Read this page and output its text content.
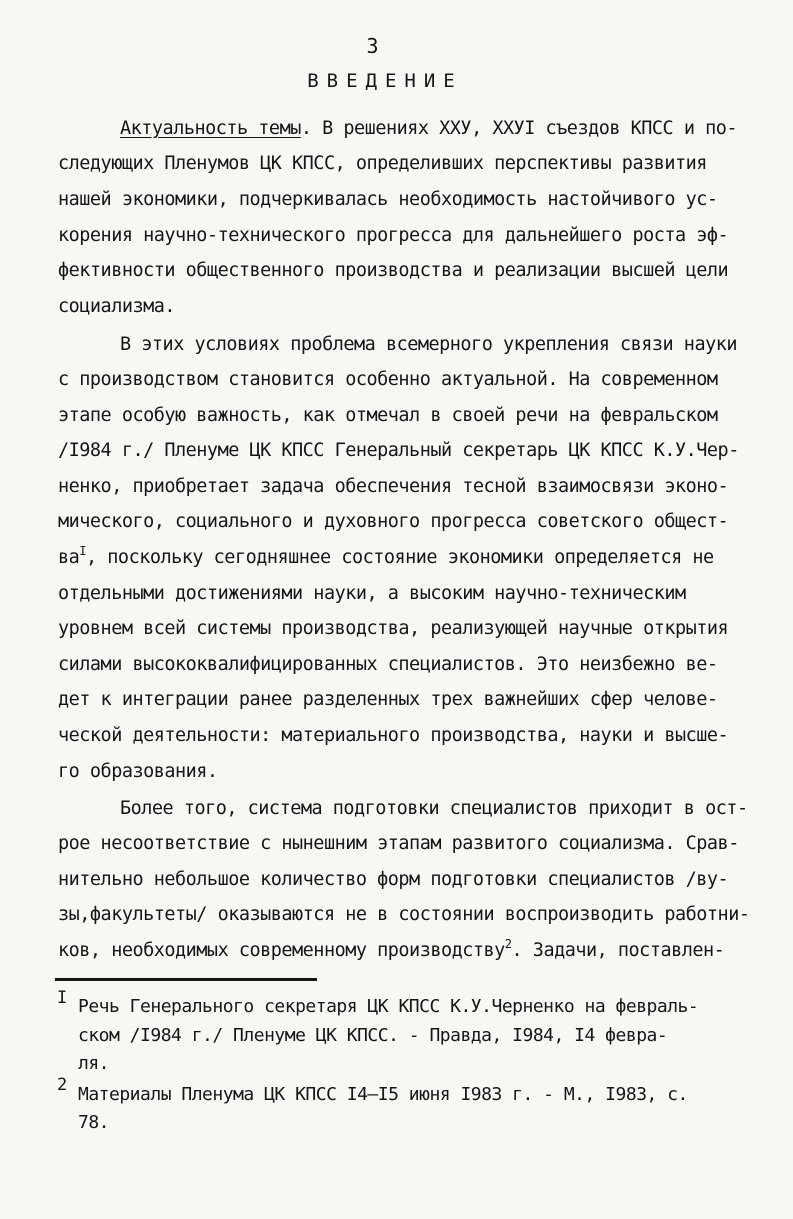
3
ВВЕДЕНИЕ
Актуальность темы. В решениях XXУ, XXУI съездов КПСС и по-
следующих Пленумов ЦК КПСС, определивших перспективы развития
нашей экономики, подчеркивалась необходимость настойчивого ус-
корения научно-технического прогресса для дальнейшего роста эф-
фективности общественного производства и реализации высшей цели
социализма.
В этих условиях проблема всемерного укрепления связи науки
с производством становится особенно актуальной. На современном
этапе особую важность, как отмечал в своей речи на февральском
/I984 г./ Пленуме ЦК КПСС Генеральный секретарь ЦК КПСС К.У.Чер-
ненко, приобретает задача обеспечения тесной взаимосвязи эконо-
мического, социального и духовного прогресса советского общест-
$ва^I$, поскольку сегодняшнее состояние экономики определяется не
отдельными достижениями науки, а высоким научно-техническим
уровнем всей системы производства, реализующей научные открытия
силами высококвалифицированных специалистов. Это неизбежно ве-
дет к интеграции ранее разделенных трех важнейших сфер челове-
ческой деятельности: материального производства, науки и высше-
го образования.
Более того, система подготовки специалистов приходит в ост-
рое несоответствие с нынешним этапам развитого социализма. Срав-
нительно небольшое количество форм подготовки специалистов /ву-
зы,факультеты/ оказываются не в состоянии воспроизводить работни-
ков, необходимых современному производству$^2$. Задачи, поставлен-
I Речь Генерального секретаря ЦК КПСС К.У.Черненко на февраль-
ском /I984 г./ Пленуме ЦК КПСС. - Правда, I984, I4 февра-
ля.
2 Материалы Пленума ЦК КПСС I4—I5 июня I983 г. - М., I983, с.
78.
